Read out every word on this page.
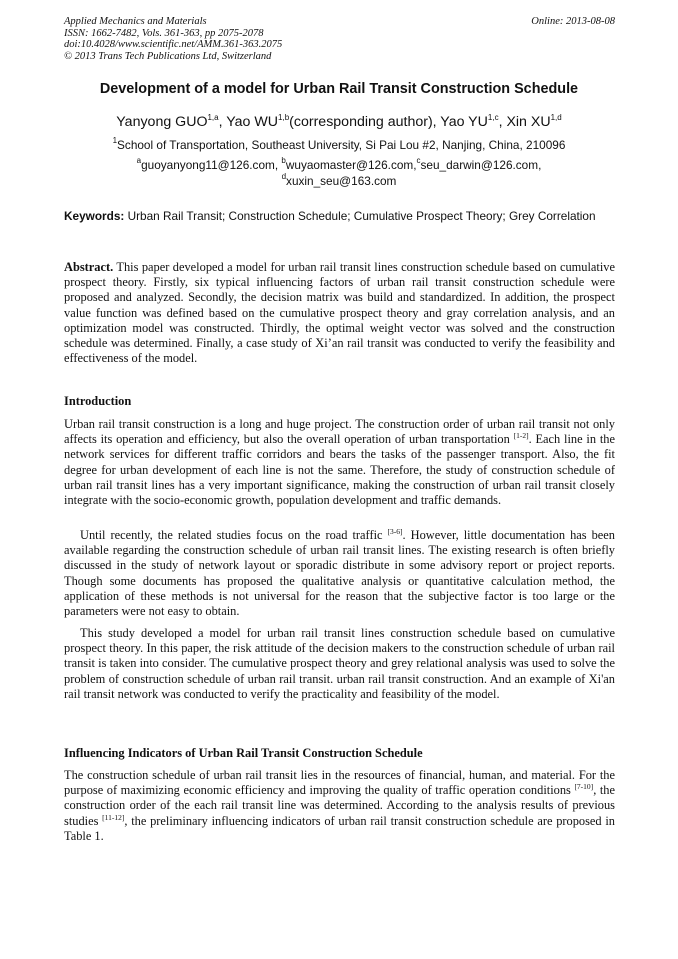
Applied Mechanics and Materials
ISSN: 1662-7482, Vols. 361-363, pp 2075-2078
doi:10.4028/www.scientific.net/AMM.361-363.2075
© 2013 Trans Tech Publications Ltd, Switzerland
Online: 2013-08-08
Development of a model for Urban Rail Transit Construction Schedule
Yanyong GUO$^{1,a}$, Yao WU$^{1,b}$(corresponding author), Yao YU$^{1,c}$, Xin XU$^{1,d}$
$^1$School of Transportation, Southeast University, Si Pai Lou #2, Nanjing, China, 210096
$^a$guoyanyong11@126.com, $^b$wuyaomaster@126.com,$^c$seu_darwin@126.com,
$^d$xuxin_seu@163.com
Keywords: Urban Rail Transit; Construction Schedule; Cumulative Prospect Theory; Grey Correlation

Abstract. This paper developed a model for urban rail transit lines construction schedule based on cumulative prospect theory. Firstly, six typical influencing factors of urban rail transit construction schedule were proposed and analyzed. Secondly, the decision matrix was build and standardized. In addition, the prospect value function was defined based on the cumulative prospect theory and gray correlation analysis, and an optimization model was constructed. Thirdly, the optimal weight vector was solved and the construction schedule was determined. Finally, a case study of Xi’an rail transit was conducted to verify the feasibility and effectiveness of the model.

Introduction

Urban rail transit construction is a long and huge project. The construction order of urban rail transit not only affects its operation and efficiency, but also the overall operation of urban transportation [1-2]. Each line in the network services for different traffic corridors and bears the tasks of the passenger transport. Also, the fit degree for urban development of each line is not the same. Therefore, the study of construction schedule of urban rail transit lines has a very important significance, making the construction of urban rail transit closely integrate with the socio-economic growth, population development and traffic demands.

Until recently, the related studies focus on the road traffic [3-6]. However, little documentation has been available regarding the construction schedule of urban rail transit lines. The existing research is often briefly discussed in the study of network layout or sporadic distribute in some advisory report or project reports. Though some documents has proposed the qualitative analysis or quantitative calculation method, the application of these methods is not universal for the reason that the subjective factor is too large or the parameters were not easy to obtain.

This study developed a model for urban rail transit lines construction schedule based on cumulative prospect theory. In this paper, the risk attitude of the decision makers to the construction schedule of urban rail transit is taken into consider. The cumulative prospect theory and grey relational analysis was used to solve the problem of construction schedule of urban rail transit. urban rail transit construction. And an example of Xi'an rail transit network was conducted to verify the practicality and feasibility of the model.

Influencing Indicators of Urban Rail Transit Construction Schedule

The construction schedule of urban rail transit lies in the resources of financial, human, and material. For the purpose of maximizing economic efficiency and improving the quality of traffic operation conditions [7-10], the construction order of the each rail transit line was determined. According to the analysis results of previous studies [11-12], the preliminary influencing indicators of urban rail transit construction schedule are proposed in Table 1.
